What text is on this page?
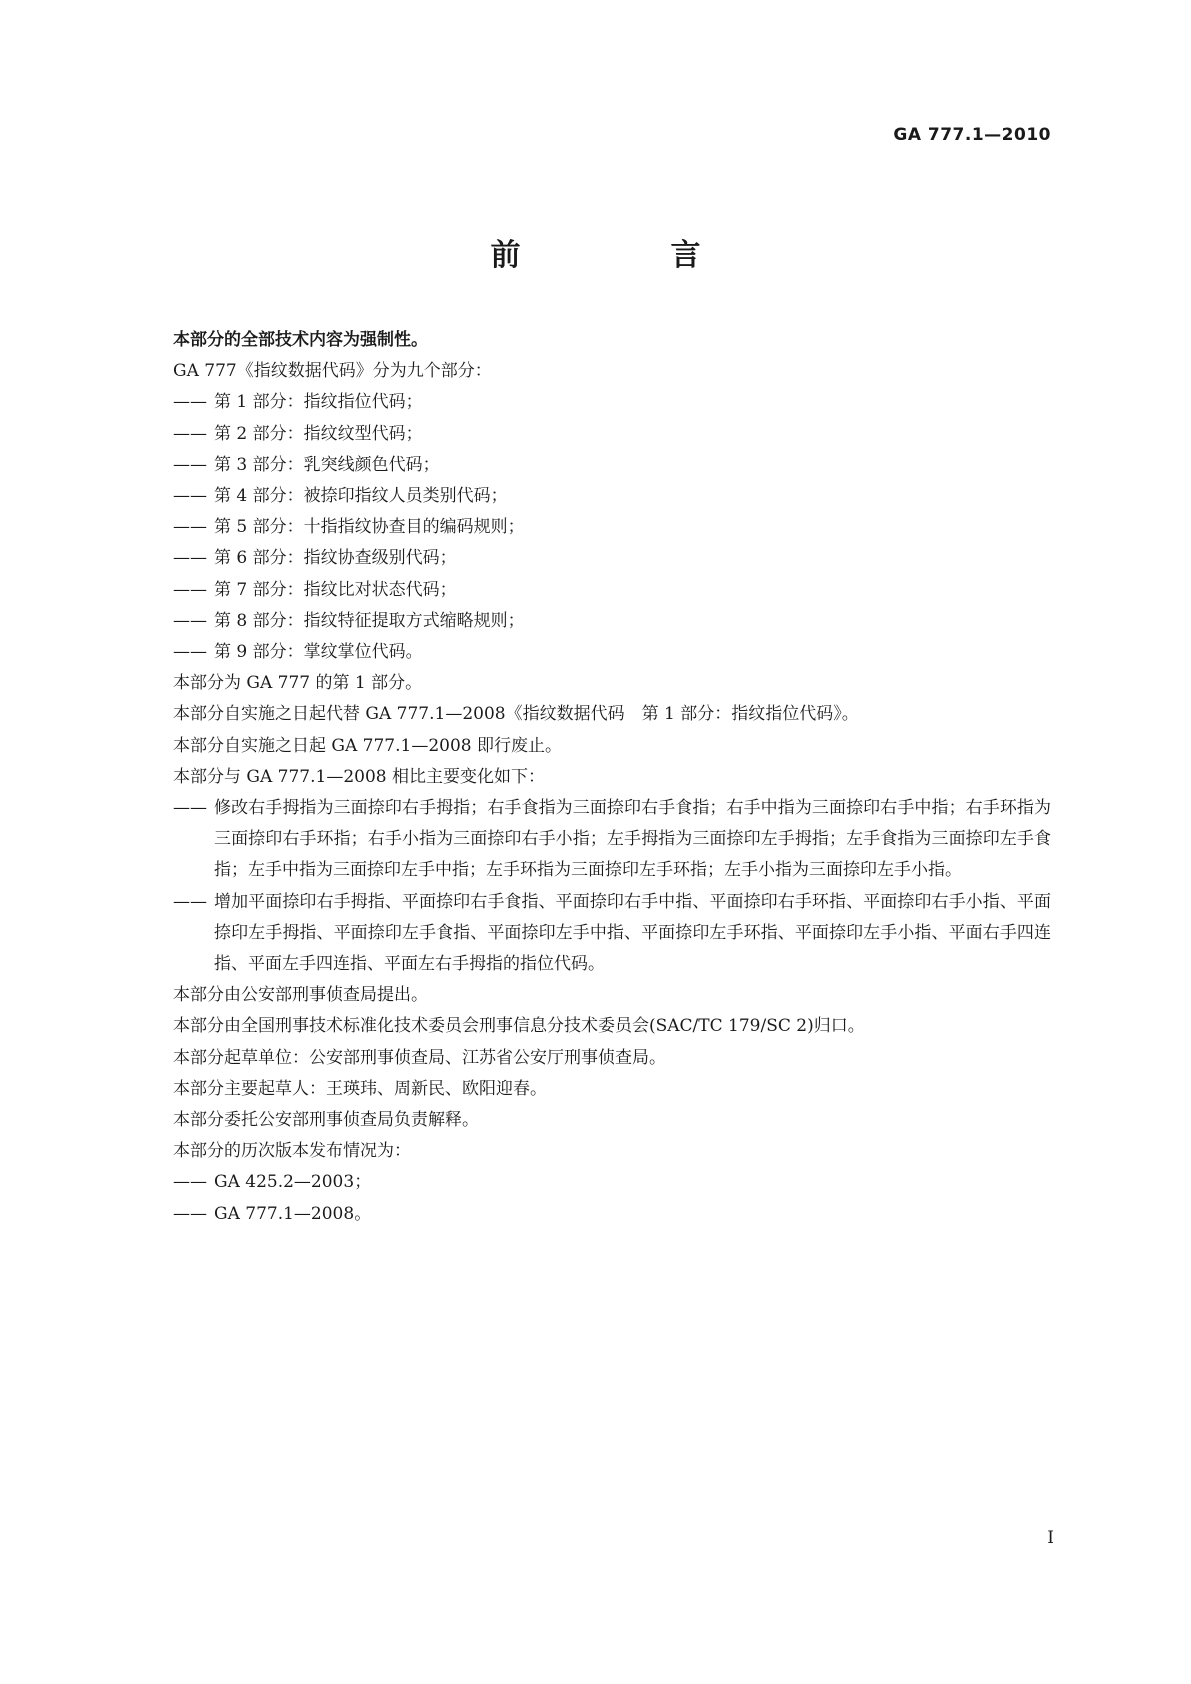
GA 777.1—2010
前　言

本部分的全部技术内容为强制性。

GA 777《指纹数据代码》分为九个部分：

—— 第 1 部分：指纹指位代码；
—— 第 2 部分：指纹纹型代码；
—— 第 3 部分：乳突线颜色代码；
—— 第 4 部分：被捺印指纹人员类别代码；
—— 第 5 部分：十指指纹协查目的编码规则；
—— 第 6 部分：指纹协查级别代码；
—— 第 7 部分：指纹比对状态代码；
—— 第 8 部分：指纹特征提取方式缩略规则；
—— 第 9 部分：掌纹掌位代码。

本部分为 GA 777 的第 1 部分。

本部分自实施之日起代替 GA 777.1—2008《指纹数据代码　第 1 部分：指纹指位代码》。

本部分自实施之日起 GA 777.1—2008 即行废止。

本部分与 GA 777.1—2008 相比主要变化如下：

—— 修改右手拇指为三面捺印右手拇指；右手食指为三面捺印右手食指；右手中指为三面捺印右手中指；右手环指为三面捺印右手环指；右手小指为三面捺印右手小指；左手拇指为三面捺印左手拇指；左手食指为三面捺印左手食指；左手中指为三面捺印左手中指；左手环指为三面捺印左手环指；左手小指为三面捺印左手小指。
—— 增加平面捺印右手拇指、平面捺印右手食指、平面捺印右手中指、平面捺印右手环指、平面捺印右手小指、平面捺印左手拇指、平面捺印左手食指、平面捺印左手中指、平面捺印左手环指、平面捺印左手小指、平面右手四连指、平面左手四连指、平面左右手拇指的指位代码。

本部分由公安部刑事侦查局提出。

本部分由全国刑事技术标准化技术委员会刑事信息分技术委员会(SAC/TC 179/SC 2)归口。

本部分起草单位：公安部刑事侦查局、江苏省公安厅刑事侦查局。

本部分主要起草人：王瑛玮、周新民、欧阳迎春。

本部分委托公安部刑事侦查局负责解释。

本部分的历次版本发布情况为：

—— GA 425.2—2003；
—— GA 777.1—2008。
I
